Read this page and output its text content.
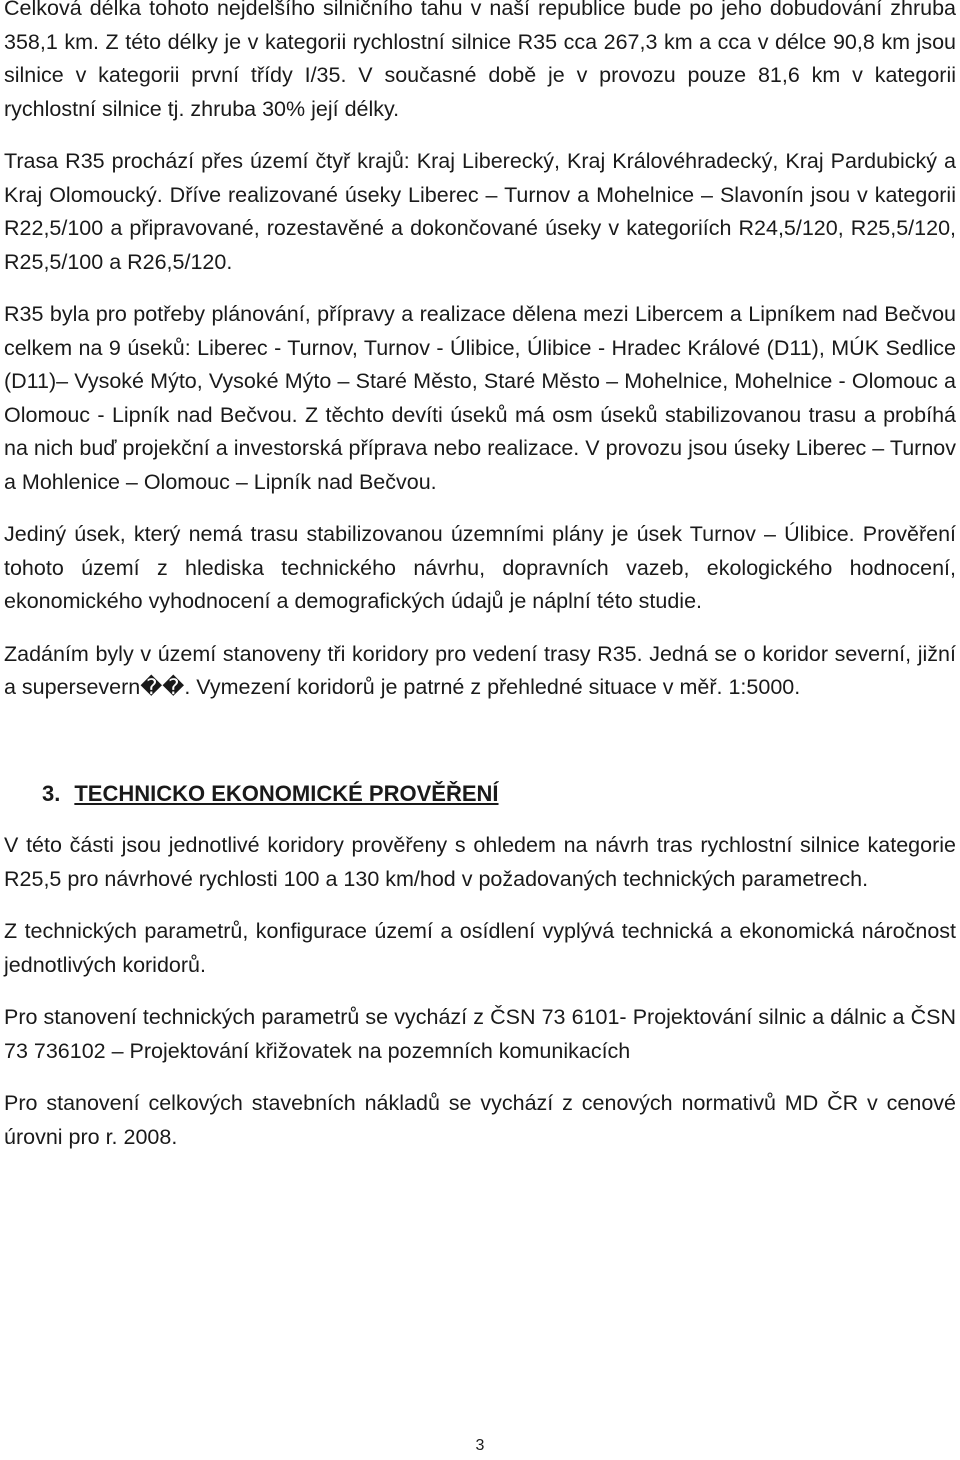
Celková délka tohoto nejdelšího silničního tahu v naší republice bude po jeho dobudování zhruba 358,1 km. Z této délky je v kategorii rychlostní silnice R35 cca 267,3 km a cca v délce 90,8 km jsou silnice v kategorii první třídy I/35. V současné době je v provozu pouze 81,6 km v kategorii rychlostní silnice tj. zhruba 30% její délky.

Trasa R35 prochází přes území čtyř krajů: Kraj Liberecký, Kraj Královéhradecký, Kraj Pardubický a Kraj Olomoucký. Dříve realizované úseky Liberec – Turnov a Mohelnice – Slavonín jsou v kategorii R22,5/100 a připravované, rozestavěné a dokončované úseky v kategoriích R24,5/120, R25,5/120, R25,5/100 a R26,5/120.

R35 byla pro potřeby plánování, přípravy a realizace dělena mezi Libercem a Lipníkem nad Bečvou celkem na 9 úseků: Liberec - Turnov, Turnov - Úlibice, Úlibice - Hradec Králové (D11), MÚK Sedlice (D11)– Vysoké Mýto, Vysoké Mýto – Staré Město, Staré Město – Mohelnice, Mohelnice - Olomouc a Olomouc - Lipník nad Bečvou. Z těchto devíti úseků má osm úseků stabilizovanou trasu a probíhá na nich buď projekční a investorská příprava nebo realizace. V provozu jsou úseky Liberec – Turnov a Mohlenice – Olomouc – Lipník nad Bečvou.

Jediný úsek, který nemá trasu stabilizovanou územními plány je úsek Turnov – Úlibice. Prověření tohoto území z hlediska technického návrhu, dopravních vazeb, ekologického hodnocení, ekonomického vyhodnocení a demografických údajů je náplní této studie.

Zadáním byly v území stanoveny tři koridory pro vedení trasy R35. Jedná se o koridor severní, jižní a supersevern��. Vymezení koridorů je patrné z přehledné situace v měř. 1:5000.

3. TECHNICKO EKONOMICKÉ PROVĚŘENÍ

V této části jsou jednotlivé koridory prověřeny s ohledem na návrh tras rychlostní silnice kategorie R25,5 pro návrhové rychlosti 100 a 130 km/hod v požadovaných technických parametrech.

Z technických parametrů, konfigurace území a osídlení vyplývá technická a ekonomická náročnost jednotlivých koridorů.

Pro stanovení technických parametrů se vychází z ČSN 73 6101- Projektování silnic a dálnic a ČSN 73 736102 – Projektování křižovatek na pozemních komunikacích

Pro stanovení celkových stavebních nákladů se vychází z cenových normativů MD ČR v cenové úrovni pro r. 2008.

3
